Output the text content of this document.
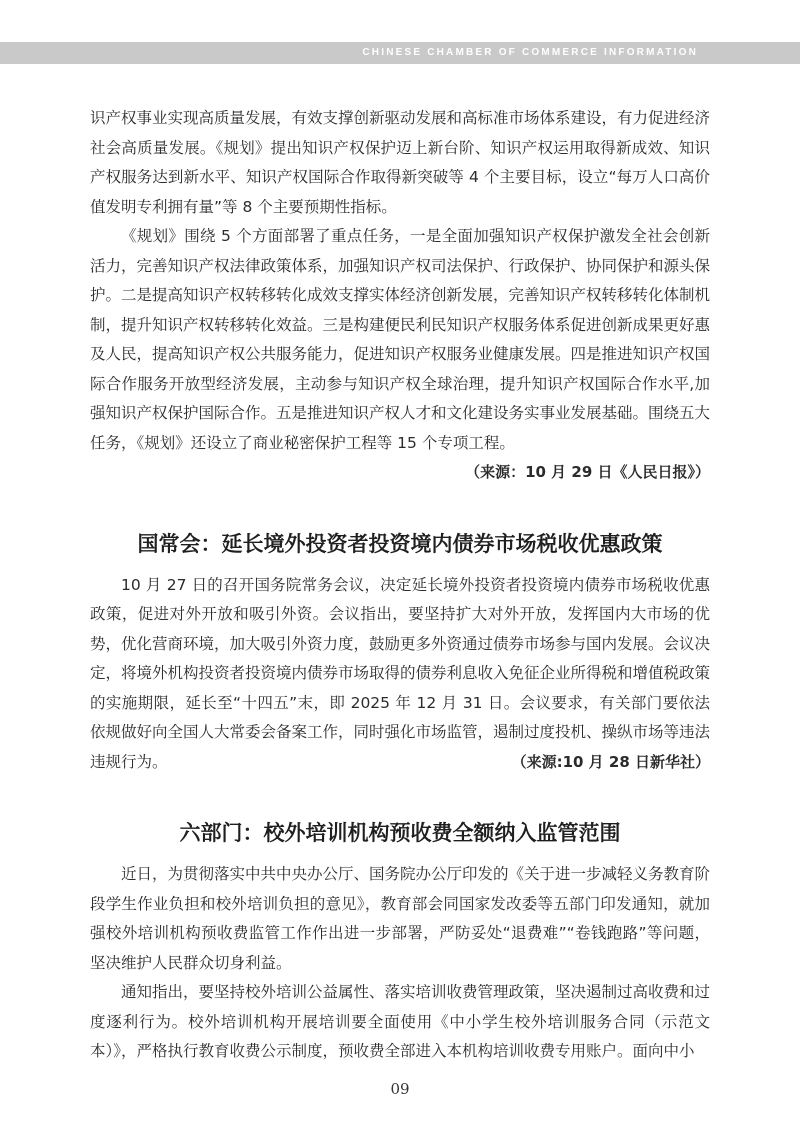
CHINESE CHAMBER OF COMMERCE INFORMATION

识产权事业实现高质量发展，有效支撑创新驱动发展和高标准市场体系建设，有力促进经济社会高质量发展。《规划》提出知识产权保护迈上新台阶、知识产权运用取得新成效、知识产权服务达到新水平、知识产权国际合作取得新突破等 4 个主要目标，设立“每万人口高价值发明专利拥有量”等 8 个主要预期性指标。

《规划》围绕 5 个方面部署了重点任务，一是全面加强知识产权保护激发全社会创新活力，完善知识产权法律政策体系，加强知识产权司法保护、行政保护、协同保护和源头保护。二是提高知识产权转移转化成效支撑实体经济创新发展，完善知识产权转移转化体制机制，提升知识产权转移转化效益。三是构建便民利民知识产权服务体系促进创新成果更好惠及人民，提高知识产权公共服务能力，促进知识产权服务业健康发展。四是推进知识产权国际合作服务开放型经济发展，主动参与知识产权全球治理，提升知识产权国际合作水平,加强知识产权保护国际合作。五是推进知识产权人才和文化建设务实事业发展基础。围绕五大任务，《规划》还设立了商业秘密保护工程等 15 个专项工程。

（来源：10 月 29 日《人民日报》）

国常会：延长境外投资者投资境内债券市场税收优惠政策

10 月 27 日的召开国务院常务会议，决定延长境外投资者投资境内债券市场税收优惠政策，促进对外开放和吸引外资。会议指出，要坚持扩大对外开放，发挥国内大市场的优势，优化营商环境，加大吸引外资力度，鼓励更多外资通过债券市场参与国内发展。会议决定，将境外机构投资者投资境内债券市场取得的债券利息收入免征企业所得税和增值税政策的实施期限，延长至“十四五”末，即 2025 年 12 月 31 日。会议要求，有关部门要依法依规做好向全国人大常委会备案工作，同时强化市场监管，遏制过度投机、操纵市场等违法违规行为。	（来源:10 月 28 日新华社）

六部门：校外培训机构预收费全额纳入监管范围

近日，为贯彻落实中共中央办公厅、国务院办公厅印发的《关于进一步减轻义务教育阶段学生作业负担和校外培训负担的意见》，教育部会同国家发改委等五部门印发通知，就加强校外培训机构预收费监管工作作出进一步部署，严防妥处“退费难”“卷钱跑路”等问题，坚决维护人民群众切身利益。

通知指出，要坚持校外培训公益属性、落实培训收费管理政策，坚决遏制过高收费和过度逐利行为。校外培训机构开展培训要全面使用《中小学生校外培训服务合同（示范文本）》，严格执行教育收费公示制度，预收费全部进入本机构培训收费专用账户。面向中小

09
